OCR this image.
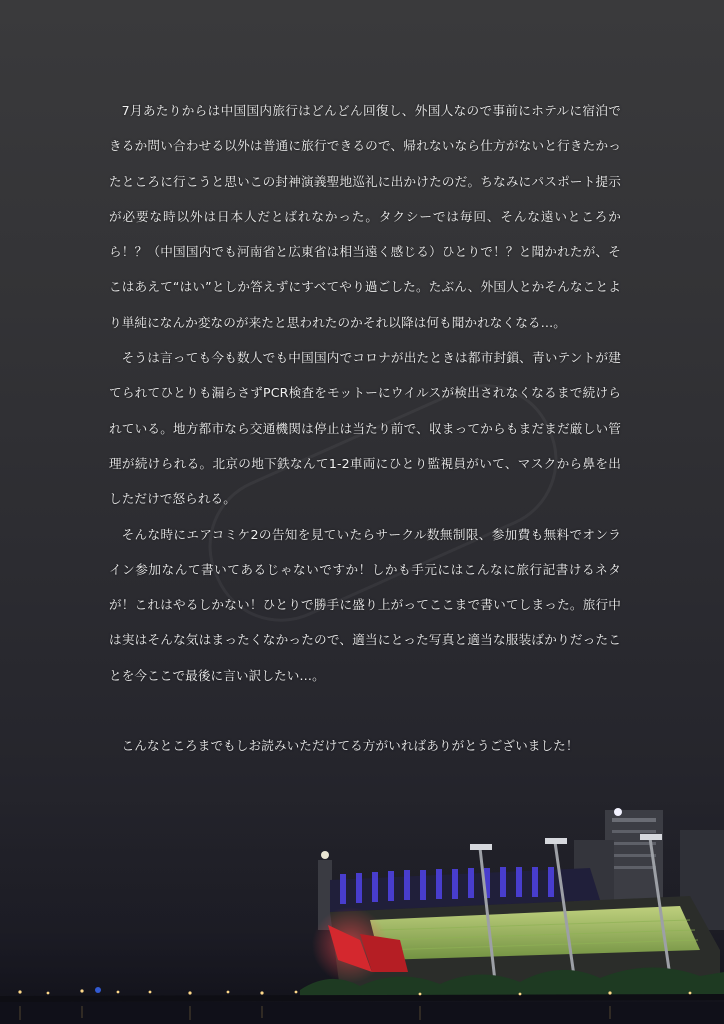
7月あたりからは中国国内旅行はどんどん回復し、外国人なので事前にホテルに宿泊できるか問い合わせる以外は普通に旅行できるので、帰れないなら仕方がないと行きたかったところに行こうと思いこの封神演義聖地巡礼に出かけたのだ。ちなみにパスポート提示が必要な時以外は日本人だとばれなかった。タクシーでは毎回、そんな遠いところから！？（中国国内でも河南省と広東省は相当遠く感じる）ひとりで！？と聞かれたが、そこはあえて“はい”としか答えずにすべてやり過ごした。たぶん、外国人とかそんなことより単純になんか変なのが来たと思われたのかそれ以降は何も聞かれなくなる…。

そうは言っても今も数人でも中国国内でコロナが出たときは都市封鎖、青いテントが建てられてひとりも漏らさずPCR検査をモットーにウイルスが検出されなくなるまで続けられている。地方都市なら交通機関は停止は当たり前で、収まってからもまだまだ厳しい管理が続けられる。北京の地下鉄なんて1-2車両にひとり監視員がいて、マスクから鼻を出しただけで怒られる。

そんな時にエアコミケ2の告知を見ていたらサークル数無制限、参加費も無料でオンライン参加なんて書いてあるじゃないですか！しかも手元にはこんなに旅行記書けるネタが！これはやるしかない！ひとりで勝手に盛り上がってここまで書いてしまった。旅行中は実はそんな気はまったくなかったので、適当にとった写真と適当な服装ばかりだったことを今ここで最後に言い訳したい…。

こんなところまでもしお読みいただけてる方がいればありがとうございました！
